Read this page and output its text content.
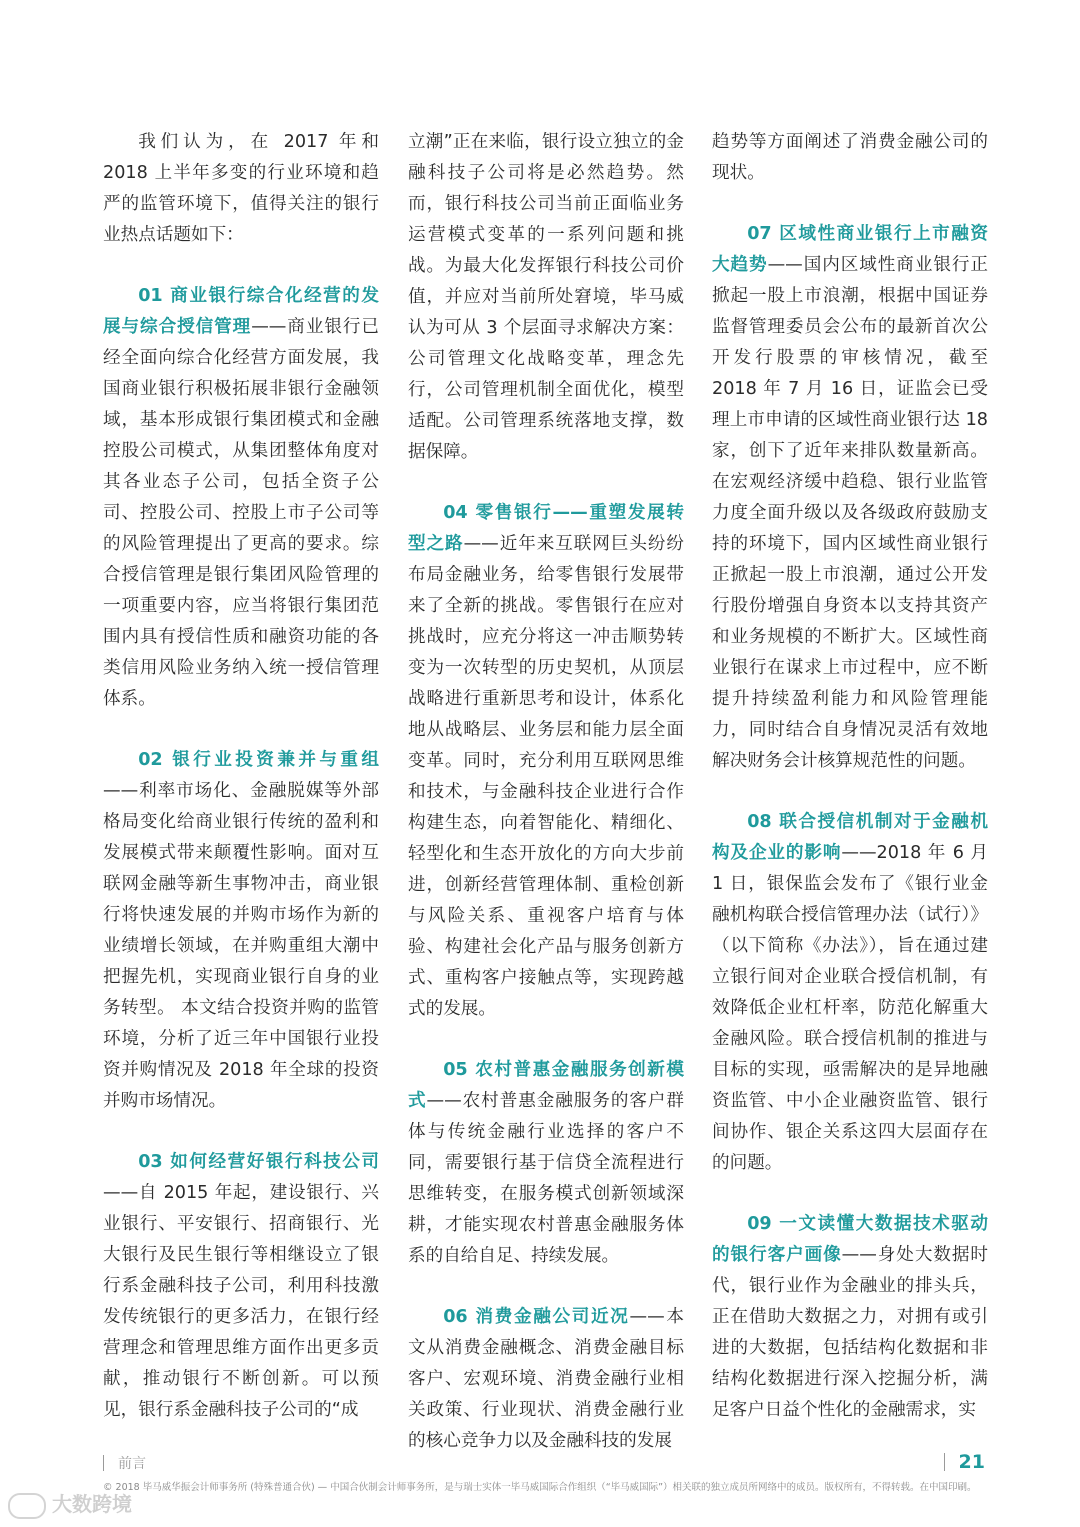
我们认为，在 2017 年和 2018 上半年多变的行业环境和趋严的监管环境下，值得关注的银行业热点话题如下：

01 商业银行综合化经营的发展与综合授信管理——商业银行已经全面向综合化经营方面发展，我国商业银行积极拓展非银行金融领域，基本形成银行集团模式和金融控股公司模式，从集团整体角度对其各业态子公司，包括全资子公司、控股公司、控股上市子公司等的风险管理提出了更高的要求。综合授信管理是银行集团风险管理的一项重要内容，应当将银行集团范围内具有授信性质和融资功能的各类信用风险业务纳入统一授信管理体系。

02 银行业投资兼并与重组——利率市场化、金融脱媒等外部格局变化给商业银行传统的盈利和发展模式带来颠覆性影响。面对互联网金融等新生事物冲击，商业银行将快速发展的并购市场作为新的业绩增长领域，在并购重组大潮中把握先机，实现商业银行自身的业务转型。 本文结合投资并购的监管环境，分析了近三年中国银行业投资并购情况及 2018 年全球的投资并购市场情况。

03 如何经营好银行科技公司——自 2015 年起，建设银行、兴业银行、平安银行、招商银行、光大银行及民生银行等相继设立了银行系金融科技子公司，利用科技激发传统银行的更多活力，在银行经营理念和管理思维方面作出更多贡献，推动银行不断创新。可以预见，银行系金融科技子公司的“成

立潮”正在来临，银行设立独立的金融科技子公司将是必然趋势。然而，银行科技公司当前正面临业务运营模式变革的一系列问题和挑战。为最大化发挥银行科技公司价值，并应对当前所处窘境，毕马威认为可从 3 个层面寻求解决方案：公司管理文化战略变革，理念先行，公司管理机制全面优化，模型适配。公司管理系统落地支撑，数据保障。

04 零售银行——重塑发展转型之路——近年来互联网巨头纷纷布局金融业务，给零售银行发展带来了全新的挑战。零售银行在应对挑战时，应充分将这一冲击顺势转变为一次转型的历史契机，从顶层战略进行重新思考和设计，体系化地从战略层、业务层和能力层全面变革。同时，充分利用互联网思维和技术，与金融科技企业进行合作构建生态，向着智能化、精细化、轻型化和生态开放化的方向大步前进，创新经营管理体制、重检创新与风险关系、重视客户培育与体验、构建社会化产品与服务创新方式、重构客户接触点等，实现跨越式的发展。

05 农村普惠金融服务创新模式——农村普惠金融服务的客户群体与传统金融行业选择的客户不同，需要银行基于信贷全流程进行思维转变，在服务模式创新领域深耕，才能实现农村普惠金融服务体系的自给自足、持续发展。

06 消费金融公司近况——本文从消费金融概念、消费金融目标客户、宏观环境、消费金融行业相关政策、行业现状、消费金融行业的核心竞争力以及金融科技的发展

趋势等方面阐述了消费金融公司的现状。

07 区域性商业银行上市融资大趋势——国内区域性商业银行正掀起一股上市浪潮，根据中国证券监督管理委员会公布的最新首次公开发行股票的审核情况，截至 2018 年 7 月 16 日，证监会已受理上市申请的区域性商业银行达 18 家，创下了近年来排队数量新高。在宏观经济缓中趋稳、银行业监管力度全面升级以及各级政府鼓励支持的环境下，国内区域性商业银行正掀起一股上市浪潮，通过公开发行股份增强自身资本以支持其资产和业务规模的不断扩大。区域性商业银行在谋求上市过程中，应不断提升持续盈利能力和风险管理能力，同时结合自身情况灵活有效地解决财务会计核算规范性的问题。

08 联合授信机制对于金融机构及企业的影响——2018 年 6 月 1 日，银保监会发布了《银行业金融机构联合授信管理办法（试行）》（以下简称《办法》），旨在通过建立银行间对企业联合授信机制，有效降低企业杠杆率，防范化解重大金融风险。联合授信机制的推进与目标的实现，亟需解决的是异地融资监管、中小企业融资监管、银行间协作、银企关系这四大层面存在的问题。

09 一文读懂大数据技术驱动的银行客户画像——身处大数据时代，银行业作为金融业的排头兵，正在借助大数据之力，对拥有或引进的大数据，包括结构化数据和非结构化数据进行深入挖掘分析，满足客户日益个性化的金融需求，实

前言	21
© 2018 毕马威华振会计师事务所 (特殊普通合伙) — 中国合伙制会计师事务所，是与瑞士实体一毕马威国际合作组织（“毕马威国际”）相关联的独立成员所网络中的成员。版权所有，不得转载。在中国印刷。
大数跨境
